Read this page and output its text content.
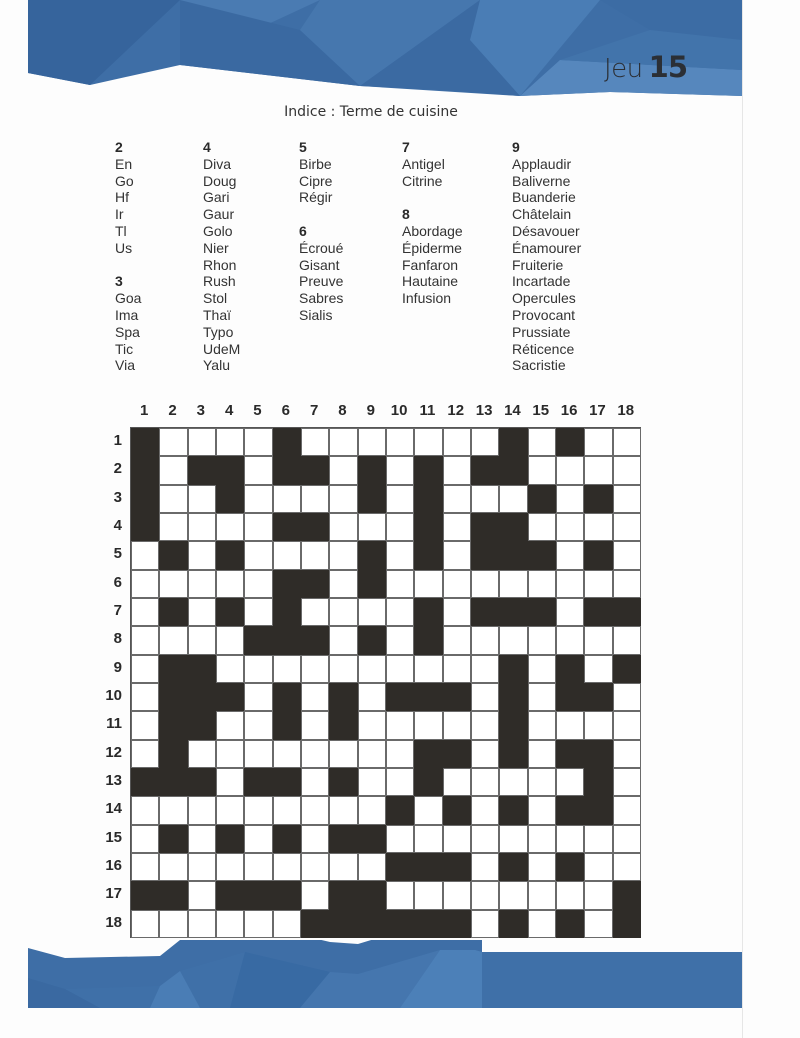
Jeu 15
Indice : Terme de cuisine
2
En
Go
Hf
Ir
Tl
Us
3
Goa
Ima
Spa
Tic
Via
4
Diva
Doug
Gari
Gaur
Golo
Nier
Rhon
Rush
Stol
Thaï
Typo
UdeM
Yalu
5
Birbe
Cipre
Régir
6
Écroué
Gisant
Preuve
Sabres
Sialis
7
Antigel
Citrine
8
Abordage
Épiderme
Fanfaron
Hautaine
Infusion
9
Applaudir
Baliverne
Buanderie
Châtelain
Désavouer
Énamourer
Fruiterie
Incartade
Opercules
Provocant
Prussiate
Réticence
Sacristie
1	2	3	4	5	6	7	8	9	10 11 12 13 14 15 16 17 18
1
2
3
4
5
6
7
8
9
10
11
12
13
14
15
16
17
18
